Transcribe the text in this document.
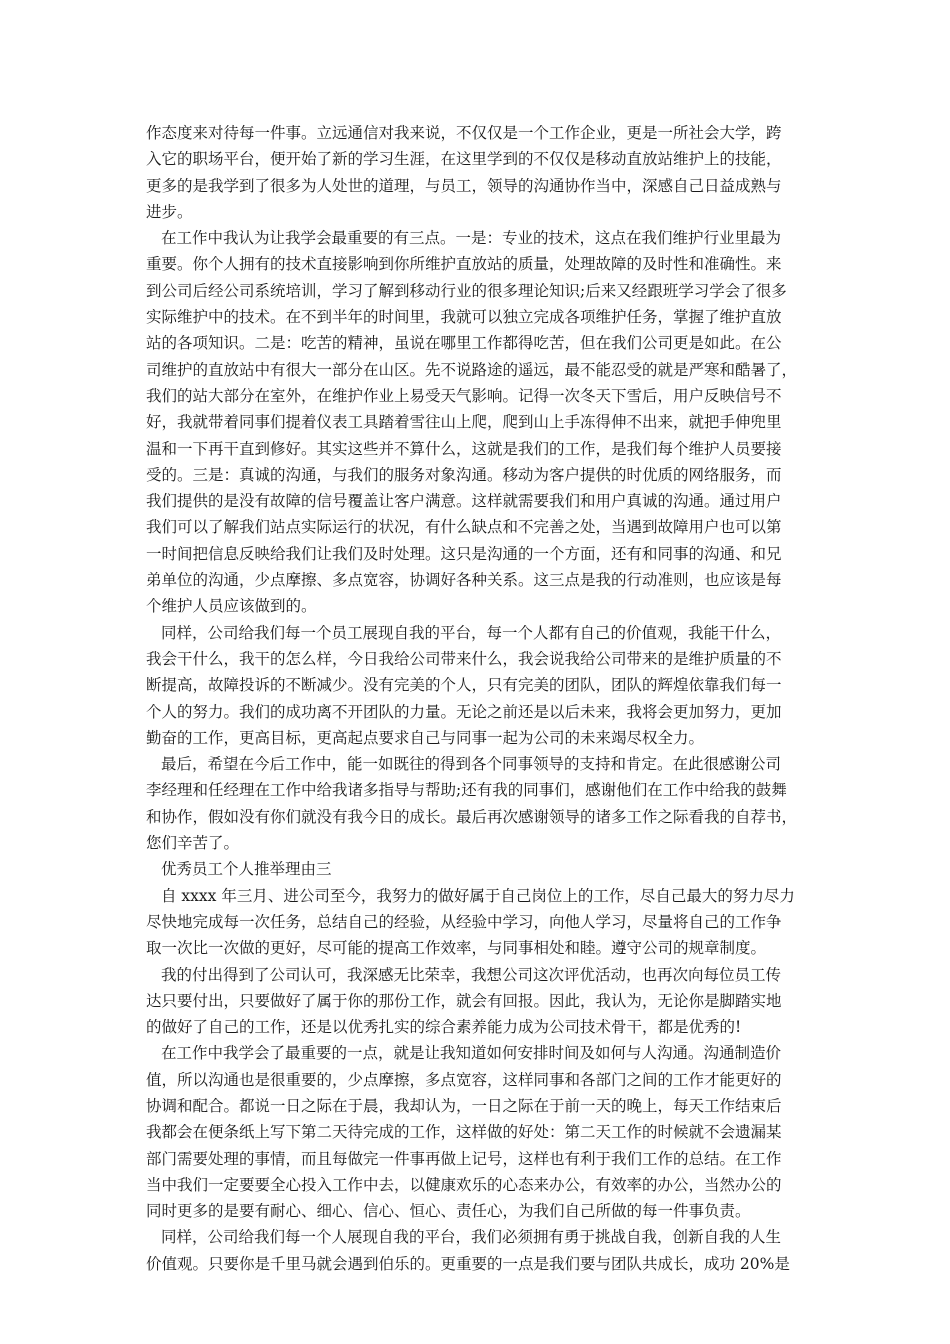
作态度来对待每一件事。立远通信对我来说，不仅仅是一个工作企业，更是一所社会大学，跨
入它的职场平台，便开始了新的学习生涯，在这里学到的不仅仅是移动直放站维护上的技能，
更多的是我学到了很多为人处世的道理，与员工，领导的沟通协作当中，深感自己日益成熟与
进步。

在工作中我认为让我学会最重要的有三点。一是：专业的技术，这点在我们维护行业里最为
重要。你个人拥有的技术直接影响到你所维护直放站的质量，处理故障的及时性和准确性。来
到公司后经公司系统培训，学习了解到移动行业的很多理论知识;后来又经跟班学习学会了很多
实际维护中的技术。在不到半年的时间里，我就可以独立完成各项维护任务，掌握了维护直放
站的各项知识。二是：吃苦的精神，虽说在哪里工作都得吃苦，但在我们公司更是如此。在公
司维护的直放站中有很大一部分在山区。先不说路途的遥远，最不能忍受的就是严寒和酷暑了，
我们的站大部分在室外，在维护作业上易受天气影响。记得一次冬天下雪后，用户反映信号不
好，我就带着同事们提着仪表工具踏着雪往山上爬，爬到山上手冻得伸不出来，就把手伸兜里
温和一下再干直到修好。其实这些并不算什么，这就是我们的工作，是我们每个维护人员要接
受的。三是：真诚的沟通，与我们的服务对象沟通。移动为客户提供的时优质的网络服务，而
我们提供的是没有故障的信号覆盖让客户满意。这样就需要我们和用户真诚的沟通。通过用户
我们可以了解我们站点实际运行的状况，有什么缺点和不完善之处，当遇到故障用户也可以第
一时间把信息反映给我们让我们及时处理。这只是沟通的一个方面，还有和同事的沟通、和兄
弟单位的沟通，少点摩擦、多点宽容，协调好各种关系。这三点是我的行动准则，也应该是每
个维护人员应该做到的。

同样，公司给我们每一个员工展现自我的平台，每一个人都有自己的价值观，我能干什么，
我会干什么，我干的怎么样，今日我给公司带来什么，我会说我给公司带来的是维护质量的不
断提高，故障投诉的不断减少。没有完美的个人，只有完美的团队，团队的辉煌依靠我们每一
个人的努力。我们的成功离不开团队的力量。无论之前还是以后未来，我将会更加努力，更加
勤奋的工作，更高目标，更高起点要求自己与同事一起为公司的未来竭尽权全力。

最后，希望在今后工作中，能一如既往的得到各个同事领导的支持和肯定。在此很感谢公司
李经理和任经理在工作中给我诸多指导与帮助;还有我的同事们，感谢他们在工作中给我的鼓舞
和协作，假如没有你们就没有我今日的成长。最后再次感谢领导的诸多工作之际看我的自荐书，
您们辛苦了。

优秀员工个人推举理由三

自 xxxx 年三月、进公司至今，我努力的做好属于自己岗位上的工作，尽自己最大的努力尽力
尽快地完成每一次任务，总结自己的经验，从经验中学习，向他人学习，尽量将自己的工作争
取一次比一次做的更好，尽可能的提高工作效率，与同事相处和睦。遵守公司的规章制度。

我的付出得到了公司认可，我深感无比荣幸，我想公司这次评优活动，也再次向每位员工传
达只要付出，只要做好了属于你的那份工作，就会有回报。因此，我认为，无论你是脚踏实地
的做好了自己的工作，还是以优秀扎实的综合素养能力成为公司技术骨干，都是优秀的!

在工作中我学会了最重要的一点，就是让我知道如何安排时间及如何与人沟通。沟通制造价
值，所以沟通也是很重要的，少点摩擦，多点宽容，这样同事和各部门之间的工作才能更好的
协调和配合。都说一日之际在于晨，我却认为，一日之际在于前一天的晚上，每天工作结束后
我都会在便条纸上写下第二天待完成的工作，这样做的好处：第二天工作的时候就不会遗漏某
部门需要处理的事情，而且每做完一件事再做上记号，这样也有利于我们工作的总结。在工作
当中我们一定要要全心投入工作中去，以健康欢乐的心态来办公，有效率的办公，当然办公的
同时更多的是要有耐心、细心、信心、恒心、责任心，为我们自己所做的每一件事负责。

同样，公司给我们每一个人展现自我的平台，我们必须拥有勇于挑战自我，创新自我的人生
价值观。只要你是千里马就会遇到伯乐的。更重要的一点是我们要与团队共成长，成功 20%是
